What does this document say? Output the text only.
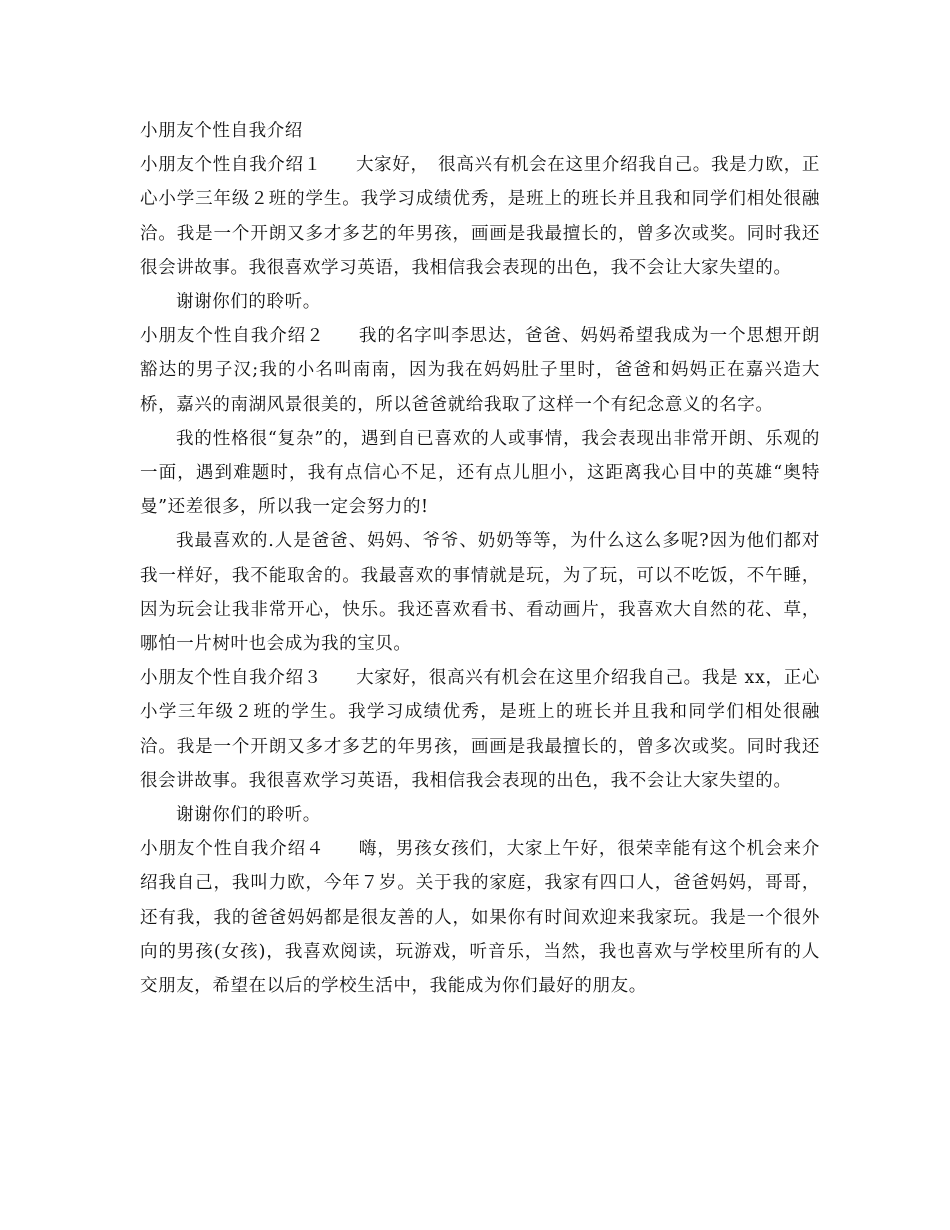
小朋友个性自我介绍

小朋友个性自我介绍１ 大家好，　很高兴有机会在这里介绍我自己。我是力欧，正心小学三年级２班的学生。我学习成绩优秀，是班上的班长并且我和同学们相处很融洽。我是一个开朗又多才多艺的年男孩，画画是我最擅长的，曾多次或奖。同时我还很会讲故事。我很喜欢学习英语，我相信我会表现的出色，我不会让大家失望的。

谢谢你们的聆听。

小朋友个性自我介绍２ 我的名字叫李思达，爸爸、妈妈希望我成为一个思想开朗豁达的男子汉;我的小名叫南南，因为我在妈妈肚子里时，爸爸和妈妈正在嘉兴造大桥，嘉兴的南湖风景很美的，所以爸爸就给我取了这样一个有纪念意义的名字。

我的性格很“复杂”的，遇到自已喜欢的人或事情，我会表现出非常开朗、乐观的一面，遇到难题时，我有点信心不足，还有点儿胆小，这距离我心目中的英雄“奥特曼”还差很多，所以我一定会努力的!

我最喜欢的.人是爸爸、妈妈、爷爷、奶奶等等，为什么这么多呢?因为他们都对我一样好，我不能取舍的。我最喜欢的事情就是玩，为了玩，可以不吃饭，不午睡，因为玩会让我非常开心，快乐。我还喜欢看书、看动画片，我喜欢大自然的花、草，哪怕一片树叶也会成为我的宝贝。

小朋友个性自我介绍３ 大家好，很高兴有机会在这里介绍我自己。我是 xx，正心小学三年级２班的学生。我学习成绩优秀，是班上的班长并且我和同学们相处很融洽。我是一个开朗又多才多艺的年男孩，画画是我最擅长的，曾多次或奖。同时我还很会讲故事。我很喜欢学习英语，我相信我会表现的出色，我不会让大家失望的。

谢谢你们的聆听。

小朋友个性自我介绍４ 嗨，男孩女孩们，大家上午好，很荣幸能有这个机会来介绍我自己，我叫力欧，今年７岁。关于我的家庭，我家有四口人，爸爸妈妈，哥哥，还有我，我的爸爸妈妈都是很友善的人，如果你有时间欢迎来我家玩。我是一个很外向的男孩(女孩)，我喜欢阅读，玩游戏，听音乐，当然，我也喜欢与学校里所有的人交朋友，希望在以后的学校生活中，我能成为你们最好的朋友。
